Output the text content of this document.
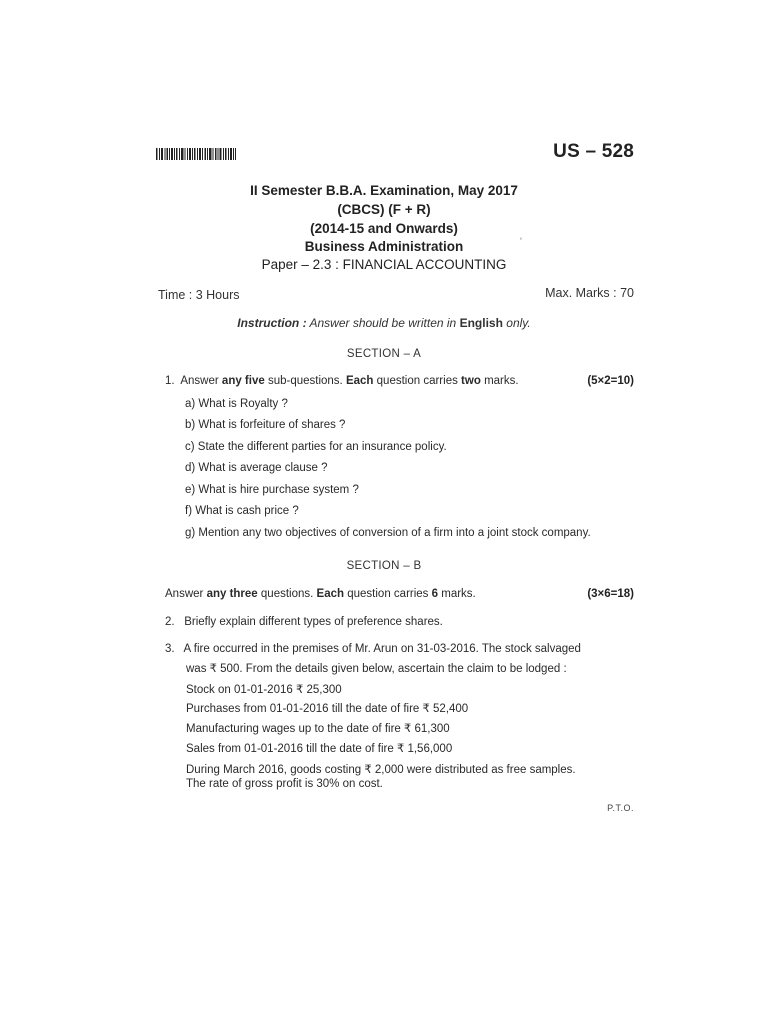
US – 528
II Semester B.B.A. Examination, May 2017
(CBCS) (F + R)
(2014-15 and Onwards)
Business Administration	‘
Paper – 2.3 : FINANCIAL ACCOUNTING
Time : 3 Hours	Max. Marks : 70
Instruction : Answer should be written in English only.
SECTION – A
1. Answer any five sub-questions. Each question carries two marks.	(5×2=10)
a) What is Royalty ?
b) What is forfeiture of shares ?
c) State the different parties for an insurance policy.
d) What is average clause ?
e) What is hire purchase system ?
f) What is cash price ?
g) Mention any two objectives of conversion of a firm into a joint stock company.
SECTION – B
Answer any three questions. Each question carries 6 marks.	(3×6=18)
2. Briefly explain different types of preference shares.
3. A fire occurred in the premises of Mr. Arun on 31-03-2016. The stock salvaged
was ₹ 500. From the details given below, ascertain the claim to be lodged :
Stock on 01-01-2016 ₹ 25,300
Purchases from 01-01-2016 till the date of fire ₹ 52,400
Manufacturing wages up to the date of fire ₹ 61,300
Sales from 01-01-2016 till the date of fire ₹ 1,56,000
During March 2016, goods costing ₹ 2,000 were distributed as free samples.
The rate of gross profit is 30% on cost.
P.T.O.
